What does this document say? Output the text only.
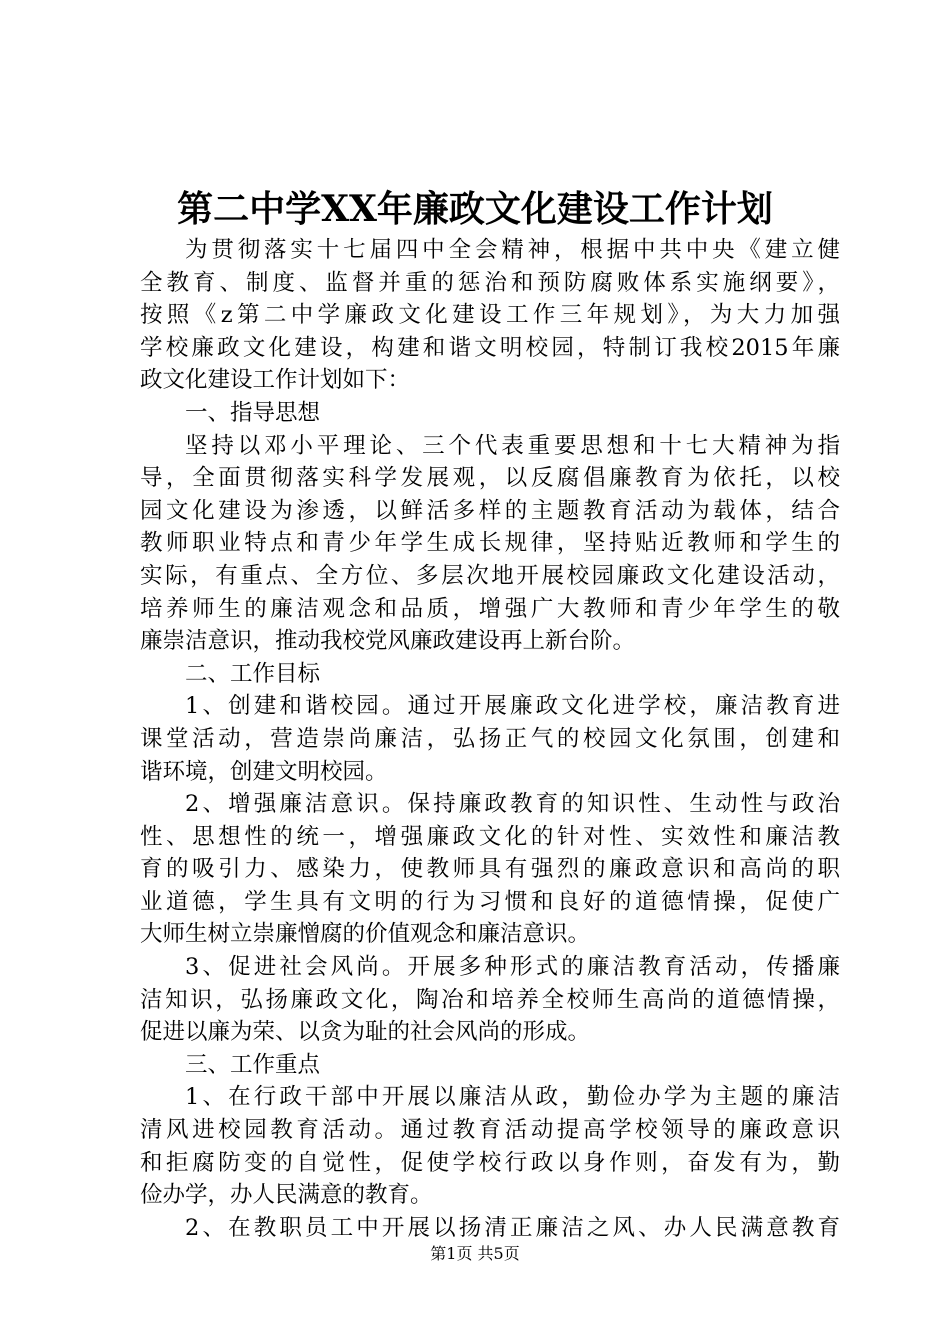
第二中学XX年廉政文化建设工作计划
为贯彻落实十七届四中全会精神，根据中共中央《建立健
全教育、制度、监督并重的惩治和预防腐败体系实施纲要》，
按照《z第二中学廉政文化建设工作三年规划》，为大力加强
学校廉政文化建设，构建和谐文明校园，特制订我校2015年廉
政文化建设工作计划如下：
一、指导思想
坚持以邓小平理论、三个代表重要思想和十七大精神为指
导，全面贯彻落实科学发展观，以反腐倡廉教育为依托，以校
园文化建设为渗透，以鲜活多样的主题教育活动为载体，结合
教师职业特点和青少年学生成长规律，坚持贴近教师和学生的
实际，有重点、全方位、多层次地开展校园廉政文化建设活动，
培养师生的廉洁观念和品质，增强广大教师和青少年学生的敬
廉崇洁意识，推动我校党风廉政建设再上新台阶。
二、工作目标
1、创建和谐校园。通过开展廉政文化进学校，廉洁教育进
课堂活动，营造崇尚廉洁，弘扬正气的校园文化氛围，创建和
谐环境，创建文明校园。
2、增强廉洁意识。保持廉政教育的知识性、生动性与政治
性、思想性的统一，增强廉政文化的针对性、实效性和廉洁教
育的吸引力、感染力，使教师具有强烈的廉政意识和高尚的职
业道德，学生具有文明的行为习惯和良好的道德情操，促使广
大师生树立崇廉憎腐的价值观念和廉洁意识。
3、促进社会风尚。开展多种形式的廉洁教育活动，传播廉
洁知识，弘扬廉政文化，陶冶和培养全校师生高尚的道德情操，
促进以廉为荣、以贪为耻的社会风尚的形成。
三、工作重点
1、在行政干部中开展以廉洁从政，勤俭办学为主题的廉洁
清风进校园教育活动。通过教育活动提高学校领导的廉政意识
和拒腐防变的自觉性，促使学校行政以身作则，奋发有为，勤
俭办学，办人民满意的教育。
2、在教职员工中开展以扬清正廉洁之风、办人民满意教育
第1页 共5页
